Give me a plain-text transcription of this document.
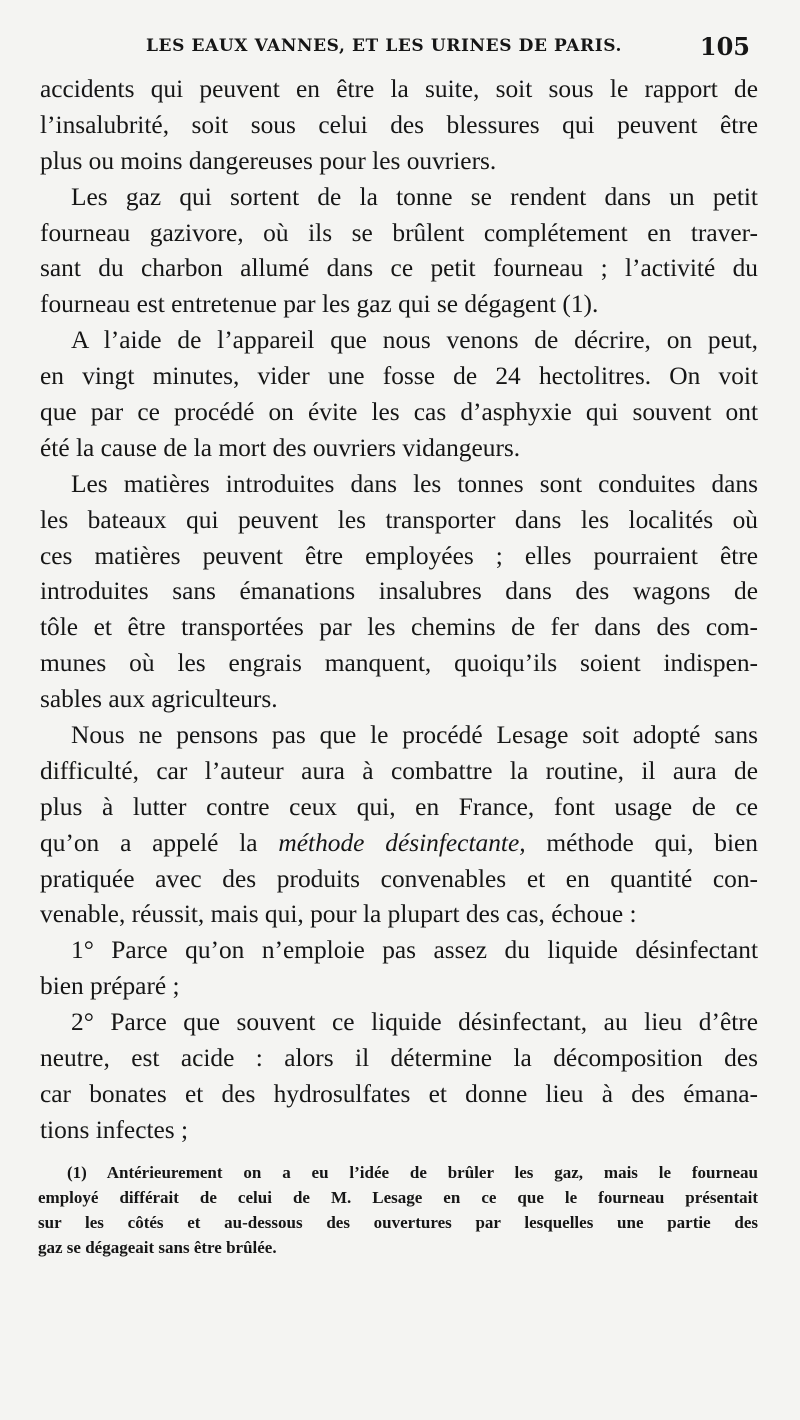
LES EAUX VANNES, ET LES URINES DE PARIS.	105
accidents qui peuvent en être la suite, soit sous le rapport de
l’insalubrité, soit sous celui des blessures qui peuvent être
plus ou moins dangereuses pour les ouvriers.
Les gaz qui sortent de la tonne se rendent dans un petit
fourneau gazivore, où ils se brûlent complétement en traver-
sant du charbon allumé dans ce petit fourneau ; l’activité du
fourneau est entretenue par les gaz qui se dégagent (1).
A l’aide de l’appareil que nous venons de décrire, on peut,
en vingt minutes, vider une fosse de 24 hectolitres. On voit
que par ce procédé on évite les cas d’asphyxie qui souvent ont
été la cause de la mort des ouvriers vidangeurs.
Les matières introduites dans les tonnes sont conduites dans
les bateaux qui peuvent les transporter dans les localités où
ces matières peuvent être employées ; elles pourraient être
introduites sans émanations insalubres dans des wagons de
tôle et être transportées par les chemins de fer dans des com-
munes où les engrais manquent, quoiqu’ils soient indispen-
sables aux agriculteurs.
Nous ne pensons pas que le procédé Lesage soit adopté sans
difficulté, car l’auteur aura à combattre la routine, il aura de
plus à lutter contre ceux qui, en France, font usage de ce
qu’on a appelé la méthode désinfectante, méthode qui, bien
pratiquée avec des produits convenables et en quantité con-
venable, réussit, mais qui, pour la plupart des cas, échoue :
1° Parce qu’on n’emploie pas assez du liquide désinfectant
bien préparé ;
2° Parce que souvent ce liquide désinfectant, au lieu d’être
neutre, est acide : alors il détermine la décomposition des
car bonates et des hydrosulfates et donne lieu à des émana-
tions infectes ;
(1) Antérieurement on a eu l’idée de brûler les gaz, mais le fourneau
employé différait de celui de M. Lesage en ce que le fourneau présentait
sur les côtés et au-dessous des ouvertures par lesquelles une partie des
gaz se dégageait sans être brûlée.
